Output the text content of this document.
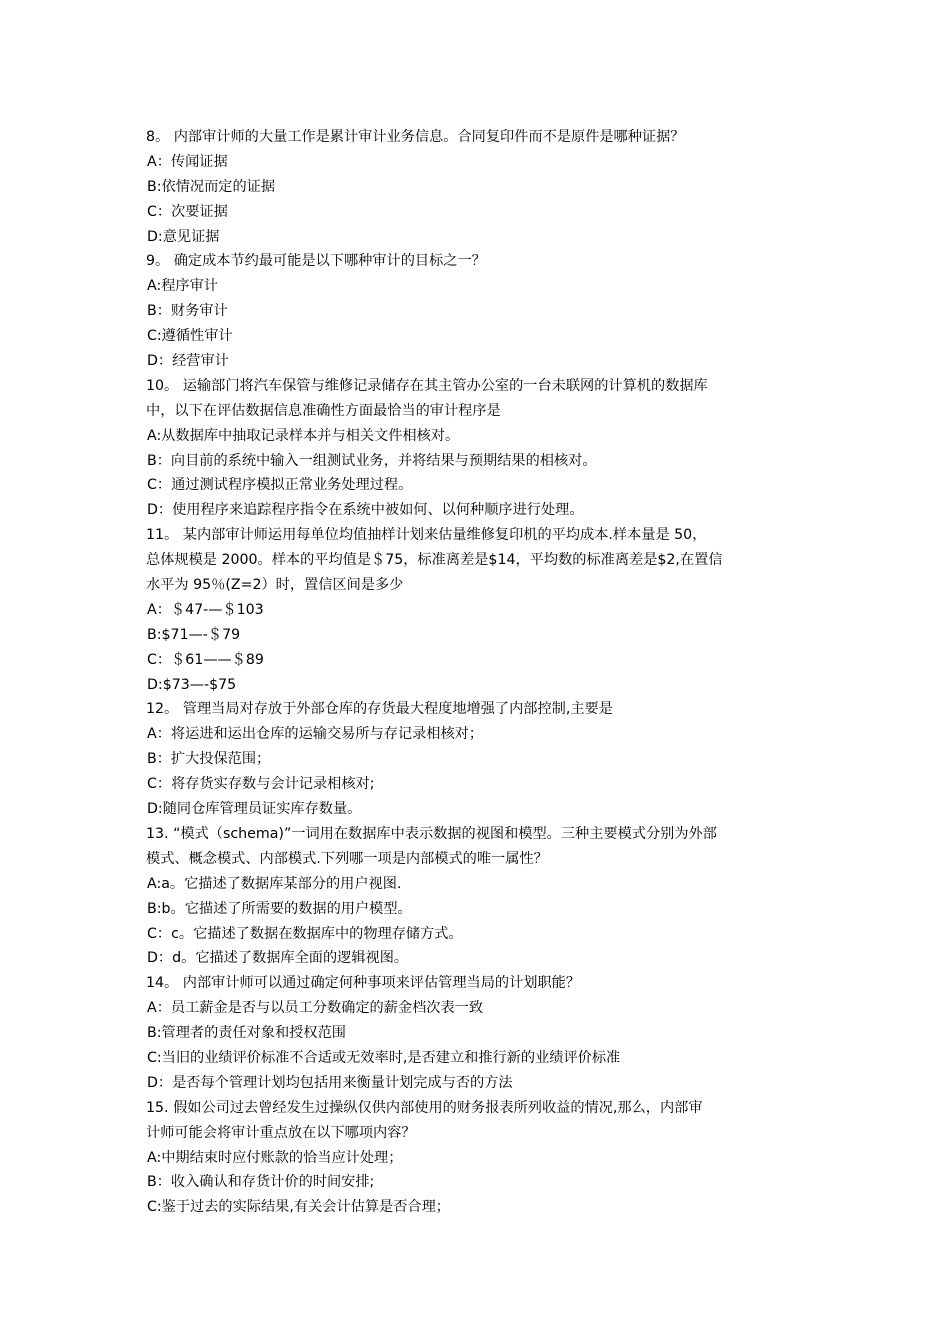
8。 内部审计师的大量工作是累计审计业务信息。合同复印件而不是原件是哪种证据？
A：传闻证据
B:依情况而定的证据
C：次要证据
D:意见证据
9。 确定成本节约最可能是以下哪种审计的目标之一？
A:程序审计
B：财务审计
C:遵循性审计
D：经营审计
10。 运输部门将汽车保管与维修记录储存在其主管办公室的一台未联网的计算机的数据库
中，以下在评估数据信息准确性方面最恰当的审计程序是
A:从数据库中抽取记录样本并与相关文件相核对。
B：向目前的系统中输入一组测试业务，并将结果与预期结果的相核对。
C：通过测试程序模拟正常业务处理过程。
D：使用程序来追踪程序指令在系统中被如何、以何种顺序进行处理。
11。 某内部审计师运用每单位均值抽样计划来估量维修复印机的平均成本.样本量是 50，
总体规模是 2000。样本的平均值是＄75，标准离差是$14，平均数的标准离差是$2,在置信
水平为 95％(Z=2）时，置信区间是多少
A：＄47-—＄103
B:$71—-＄79
C：＄61——＄89
D:$73—-$75
12。 管理当局对存放于外部仓库的存货最大程度地增强了内部控制,主要是
A：将运进和运出仓库的运输交易所与存记录相核对；
B：扩大投保范围；
C：将存货实存数与会计记录相核对;
D:随同仓库管理员证实库存数量。
13. “模式（schema)”一词用在数据库中表示数据的视图和模型。三种主要模式分别为外部
模式、概念模式、内部模式.下列哪一项是内部模式的唯一属性？
A:a。它描述了数据库某部分的用户视图.
B:b。它描述了所需要的数据的用户模型。
C：c。它描述了数据在数据库中的物理存储方式。
D：d。它描述了数据库全面的逻辑视图。
14。 内部审计师可以通过确定何种事项来评估管理当局的计划职能？
A：员工薪金是否与以员工分数确定的薪金档次表一致
B:管理者的责任对象和授权范围
C:当旧的业绩评价标准不合适或无效率时,是否建立和推行新的业绩评价标准
D：是否每个管理计划均包括用来衡量计划完成与否的方法
15. 假如公司过去曾经发生过操纵仅供内部使用的财务报表所列收益的情况,那么，内部审
计师可能会将审计重点放在以下哪项内容？
A:中期结束时应付账款的恰当应计处理；
B：收入确认和存货计价的时间安排;
C:鉴于过去的实际结果,有关会计估算是否合理；
